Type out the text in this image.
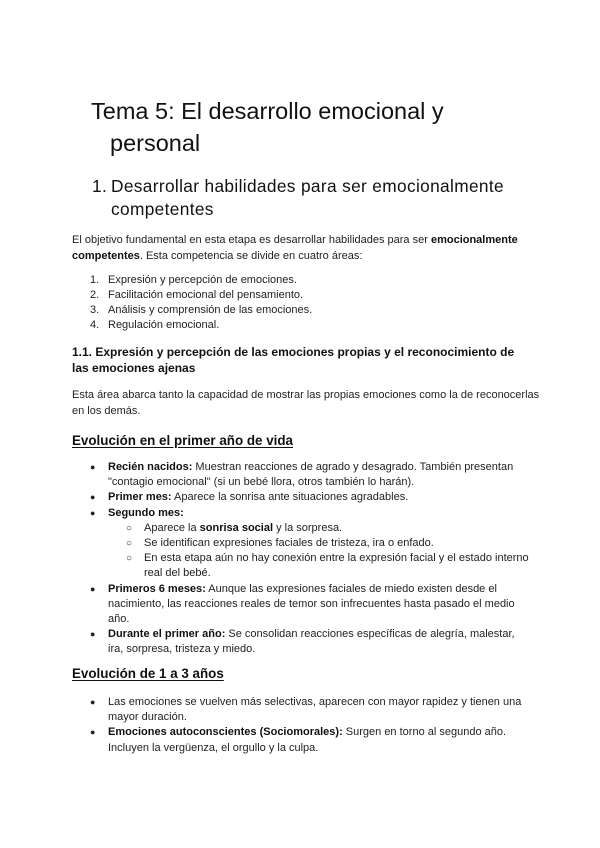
Tema 5: El desarrollo emocional y
personal
1. Desarrollar habilidades para ser emocionalmente
competentes

El objetivo fundamental en esta etapa es desarrollar habilidades para ser emocionalmente competentes. Esta competencia se divide en cuatro áreas:

1. Expresión y percepción de emociones.
2. Facilitación emocional del pensamiento.
3. Análisis y comprensión de las emociones.
4. Regulación emocional.
1.1. Expresión y percepción de las emociones propias y el reconocimiento de las emociones ajenas

Esta área abarca tanto la capacidad de mostrar las propias emociones como la de reconocerlas en los demás.

Evolución en el primer año de vida
● Recién nacidos: Muestran reacciones de agrado y desagrado. También presentan "contagio emocional" (si un bebé llora, otros también lo harán).
● Primer mes: Aparece la sonrisa ante situaciones agradables.
● Segundo mes:
○ Aparece la sonrisa social y la sorpresa.
○ Se identifican expresiones faciales de tristeza, ira o enfado.
○ En esta etapa aún no hay conexión entre la expresión facial y el estado interno real del bebé.
● Primeros 6 meses: Aunque las expresiones faciales de miedo existen desde el nacimiento, las reacciones reales de temor son infrecuentes hasta pasado el medio año.
● Durante el primer año: Se consolidan reacciones específicas de alegría, malestar, ira, sorpresa, tristeza y miedo.
Evolución de 1 a 3 años
● Las emociones se vuelven más selectivas, aparecen con mayor rapidez y tienen una mayor duración.
● Emociones autoconscientes (Sociomorales): Surgen en torno al segundo año. Incluyen la vergüenza, el orgullo y la culpa.
